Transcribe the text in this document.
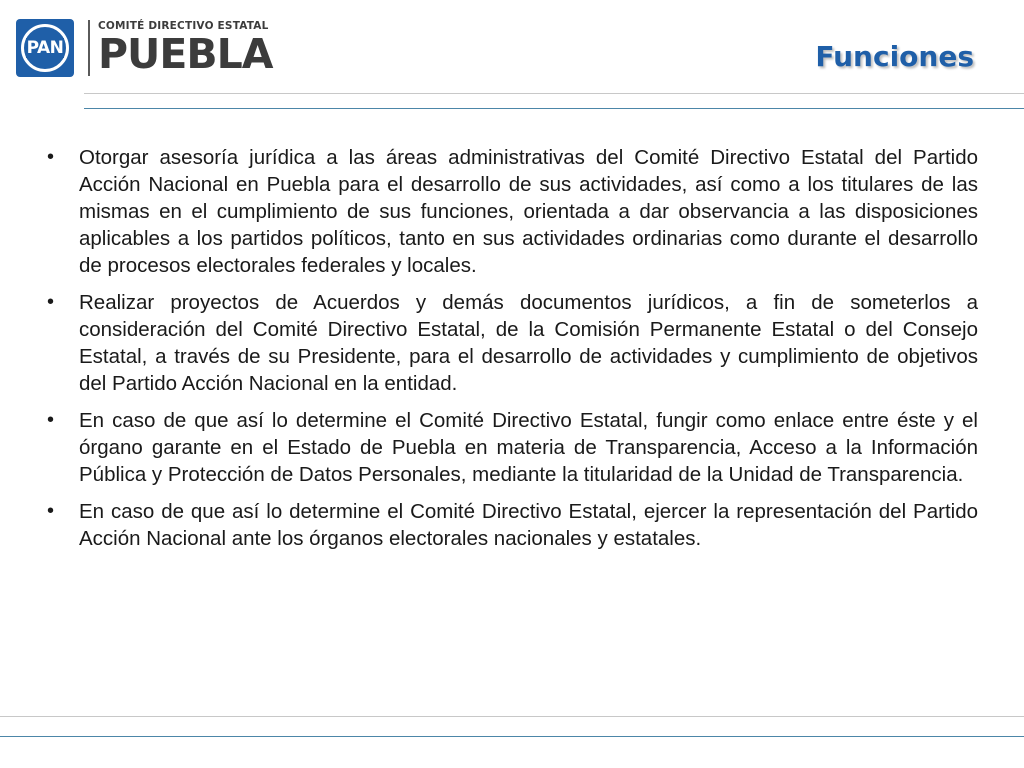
PAN
COMITÉ DIRECTIVO ESTATAL
PUEBLA	Funciones
• Otorgar asesoría jurídica a las áreas administrativas del Comité Directivo Estatal del Partido Acción Nacional en Puebla para el desarrollo de sus actividades, así como a los titulares de las mismas en el cumplimiento de sus funciones, orientada a dar observancia a las disposiciones aplicables a los partidos políticos, tanto en sus actividades ordinarias como durante el desarrollo de procesos electorales federales y locales.
• Realizar proyectos de Acuerdos y demás documentos jurídicos, a fin de someterlos a consideración del Comité Directivo Estatal, de la Comisión Permanente Estatal o del Consejo Estatal, a través de su Presidente, para el desarrollo de actividades y cumplimiento de objetivos del Partido Acción Nacional en la entidad.
• En caso de que así lo determine el Comité Directivo Estatal, fungir como enlace entre éste y el órgano garante en el Estado de Puebla en materia de Transparencia, Acceso a la Información Pública y Protección de Datos Personales, mediante la titularidad de la Unidad de Transparencia.
• En caso de que así lo determine el Comité Directivo Estatal, ejercer la representación del Partido Acción Nacional ante los órganos electorales nacionales y estatales.
